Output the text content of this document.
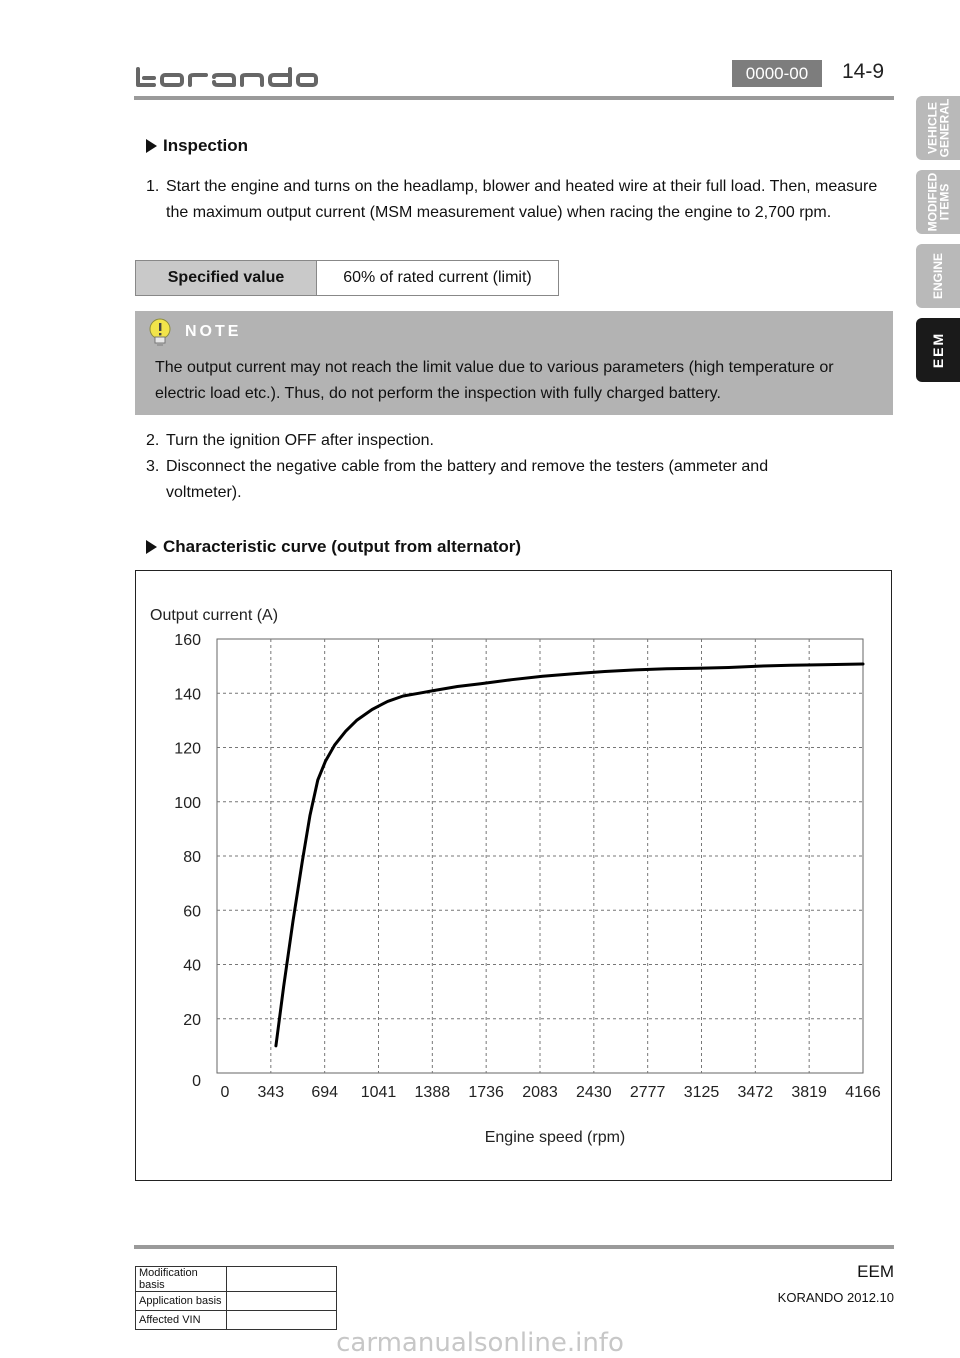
0000-00	14-9
VEHICLE
GENERAL
MODIFIED
ITEMS
ENGINE
EEM
Inspection
1. Start the engine and turns on the headlamp, blower and heated wire at their full load. Then, measure
the maximum output current (MSM measurement value) when racing the engine to 2,700 rpm.
Specified value	60% of rated current (limit)
NOTE
The output current may not reach the limit value due to various parameters (high temperature or
electric load etc.). Thus, do not perform the inspection with fully charged battery.
2. Turn the ignition OFF after inspection.
3. Disconnect the negative cable from the battery and remove the testers (ammeter and
voltmeter).
Characteristic curve (output from alternator)
Output current (A)
Engine speed (rpm)
0
20
40
60
80
100
120
140
160
0 343 694 1041 1388 1736 2083 2430 2777 3125 3472 3819 4166
Modification basis	
Application basis	
Affected VIN	
EEM
KORANDO 2012.10
carmanualsonline.info
